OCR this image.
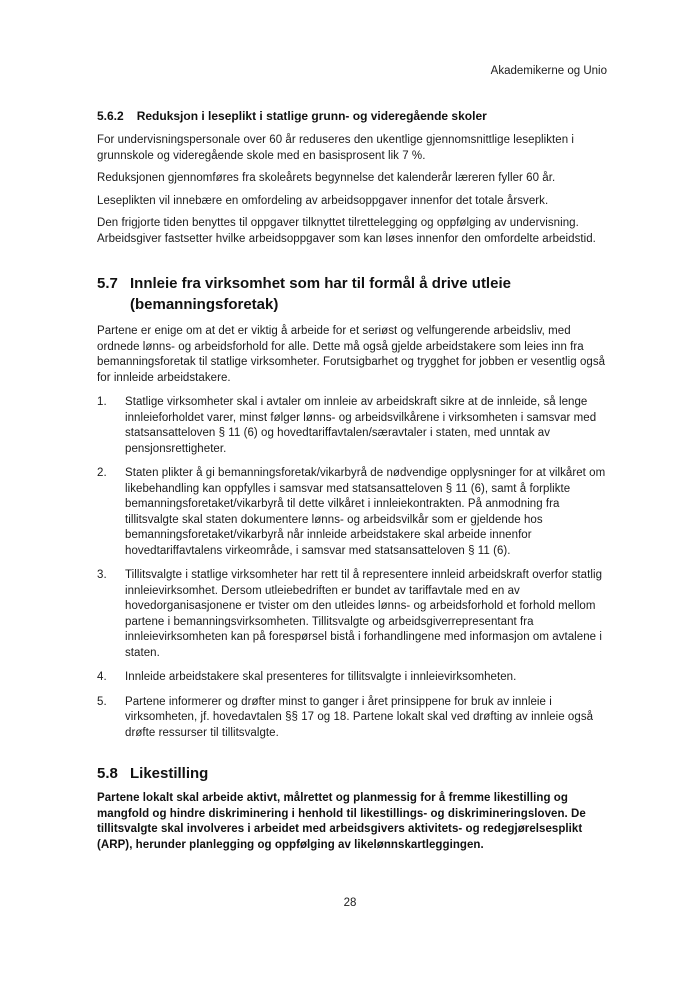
Akademikerne og Unio
5.6.2 Reduksjon i leseplikt i statlige grunn- og videregående skoler

For undervisningspersonale over 60 år reduseres den ukentlige gjennomsnittlige leseplikten i grunnskole og videregående skole med en basisprosent lik 7 %.

Reduksjonen gjennomføres fra skoleårets begynnelse det kalenderår læreren fyller 60 år.

Leseplikten vil innebære en omfordeling av arbeidsoppgaver innenfor det totale årsverk.

Den frigjorte tiden benyttes til oppgaver tilknyttet tilrettelegging og oppfølging av undervisning. Arbeidsgiver fastsetter hvilke arbeidsoppgaver som kan løses innenfor den omfordelte arbeidstid.

5.7 Innleie fra virksomhet som har til formål å drive utleie
(bemanningsforetak)

Partene er enige om at det er viktig å arbeide for et seriøst og velfungerende arbeidsliv, med ordnede lønns- og arbeidsforhold for alle. Dette må også gjelde arbeidstakere som leies inn fra bemanningsforetak til statlige virksomheter. Forutsigbarhet og trygghet for jobben er vesentlig også for innleide arbeidstakere.

1.	Statlige virksomheter skal i avtaler om innleie av arbeidskraft sikre at de innleide, så lenge innleieforholdet varer, minst følger lønns- og arbeidsvilkårene i virksomheten i samsvar med statsansatteloven § 11 (6) og hovedtariffavtalen/særavtaler i staten, med unntak av pensjonsrettigheter.
2.	Staten plikter å gi bemanningsforetak/vikarbyrå de nødvendige opplysninger for at vilkåret om likebehandling kan oppfylles i samsvar med statsansatteloven § 11 (6), samt å forplikte bemanningsforetaket/vikarbyrå til dette vilkåret i innleiekontrakten. På anmodning fra tillitsvalgte skal staten dokumentere lønns- og arbeidsvilkår som er gjeldende hos bemanningsforetaket/vikarbyrå når innleide arbeidstakere skal arbeide innenfor hovedtariffavtalens virkeområde, i samsvar med statsansatteloven § 11 (6).
3.	Tillitsvalgte i statlige virksomheter har rett til å representere innleid arbeidskraft overfor statlig innleievirksomhet. Dersom utleiebedriften er bundet av tariffavtale med en av hovedorganisasjonene er tvister om den utleides lønns- og arbeidsforhold et forhold mellom partene i bemanningsvirksomheten. Tillitsvalgte og arbeidsgiverrepresentant fra innleievirksomheten kan på forespørsel bistå i forhandlingene med informasjon om avtalene i staten.
4.	Innleide arbeidstakere skal presenteres for tillitsvalgte i innleievirksomheten.
5.	Partene informerer og drøfter minst to ganger i året prinsippene for bruk av innleie i virksomheten, jf. hovedavtalen §§ 17 og 18. Partene lokalt skal ved drøfting av innleie også drøfte ressurser til tillitsvalgte.
5.8 Likestilling

Partene lokalt skal arbeide aktivt, målrettet og planmessig for å fremme likestilling og mangfold og hindre diskriminering i henhold til likestillings- og diskrimineringsloven. De tillitsvalgte skal involveres i arbeidet med arbeidsgivers aktivitets- og redegjørelsesplikt (ARP), herunder planlegging og oppfølging av likelønnskartleggingen.

28
